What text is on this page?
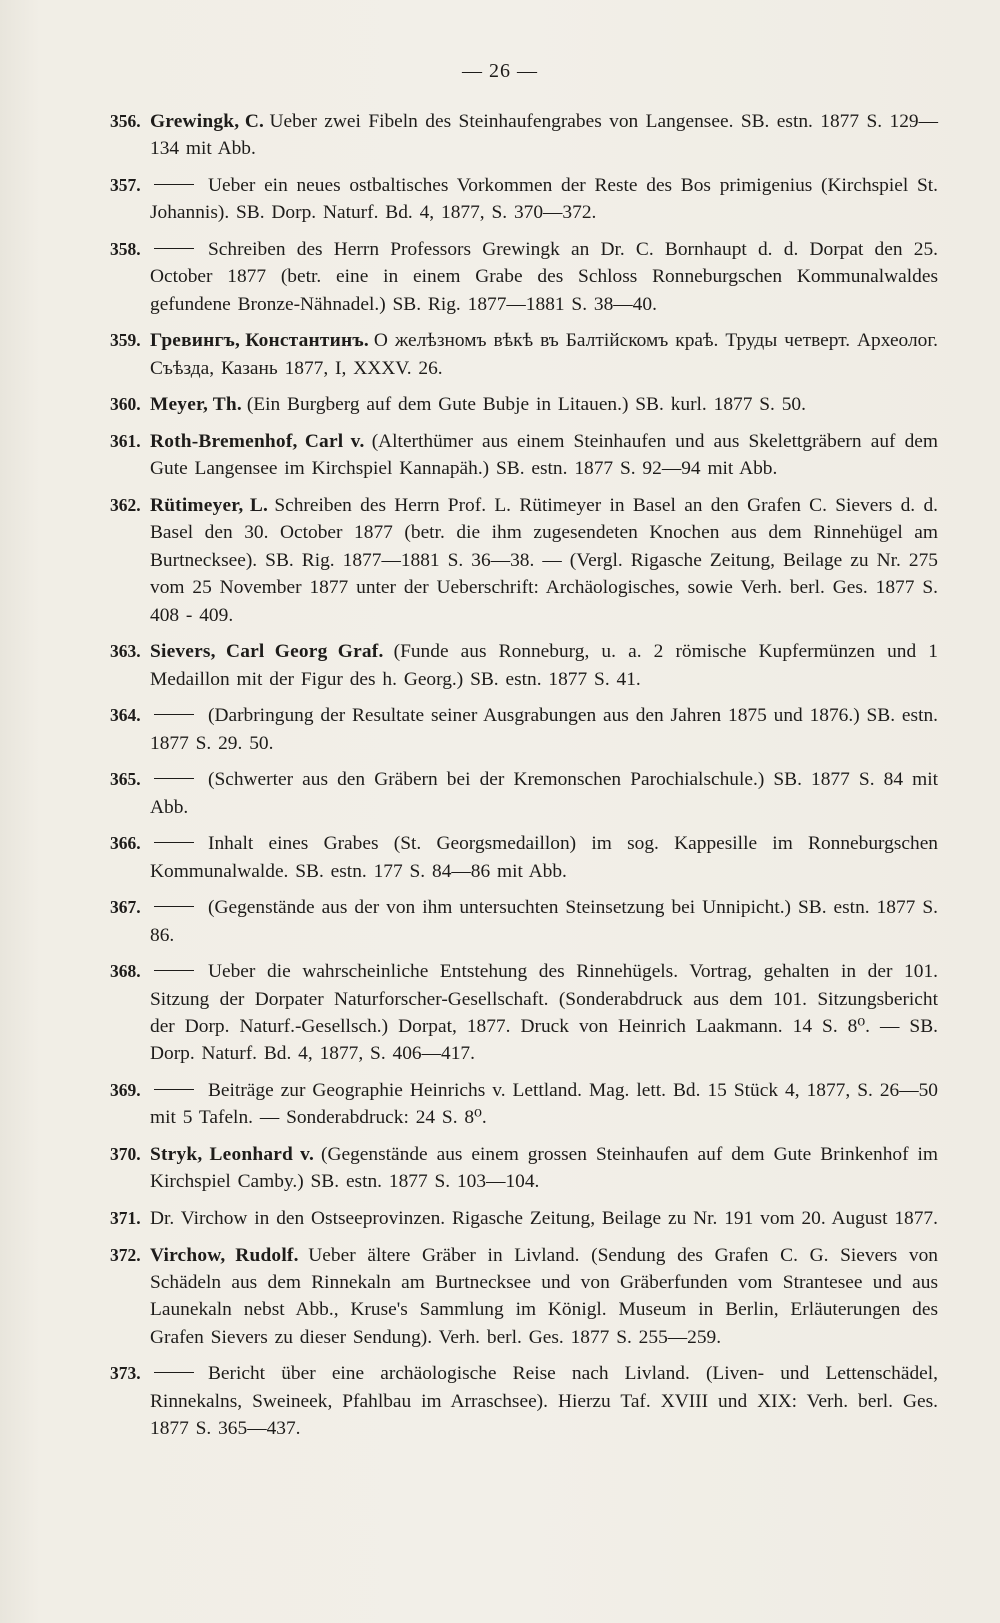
— 26 —
356. Grewingk, C. Ueber zwei Fibeln des Steinhaufengrabes von Langensee. SB. estn. 1877 S. 129—134 mit Abb.
357.	Ueber ein neues ostbaltisches Vorkommen der Reste des Bos primigenius (Kirchspiel St. Johannis). SB. Dorp. Naturf. Bd. 4, 1877, S. 370—372.
358.	Schreiben des Herrn Professors Grewingk an Dr. C. Bornhaupt d. d. Dorpat den 25. October 1877 (betr. eine in einem Grabe des Schloss Ronneburgschen Kommunalwaldes gefundene Bronze-Nähnadel.) SB. Rig. 1877—1881 S. 38—40.
359. Гревингъ, Константинъ. О желѣзномъ вѣкѣ въ Балтійскомъ краѣ. Труды четверт. Археолог. Съѣзда, Казань 1877, I, XXXV. 26.
360. Meyer, Th. (Ein Burgberg auf dem Gute Bubje in Litauen.) SB. kurl. 1877 S. 50.
361. Roth-Bremenhof, Carl v. (Alterthümer aus einem Steinhaufen und aus Skelettgräbern auf dem Gute Langensee im Kirchspiel Kannapäh.) SB. estn. 1877 S. 92—94 mit Abb.
362. Rütimeyer, L. Schreiben des Herrn Prof. L. Rütimeyer in Basel an den Grafen C. Sievers d. d. Basel den 30. October 1877 (betr. die ihm zugesendeten Knochen aus dem Rinnehügel am Burtnecksee). SB. Rig. 1877—1881 S. 36—38. — (Vergl. Rigasche Zeitung, Beilage zu Nr. 275 vom 25 November 1877 unter der Ueberschrift: Archäologisches, sowie Verh. berl. Ges. 1877 S. 408 - 409.
363. Sievers, Carl Georg Graf. (Funde aus Ronneburg, u. a. 2 römische Kupfermünzen und 1 Medaillon mit der Figur des h. Georg.) SB. estn. 1877 S. 41.
364.	(Darbringung der Resultate seiner Ausgrabungen aus den Jahren 1875 und 1876.) SB. estn. 1877 S. 29. 50.
365.	(Schwerter aus den Gräbern bei der Kremonschen Parochialschule.) SB. 1877 S. 84 mit Abb.
366.	Inhalt eines Grabes (St. Georgsmedaillon) im sog. Kappesille im Ronneburgschen Kommunalwalde. SB. estn. 177 S. 84—86 mit Abb.
367.	(Gegenstände aus der von ihm untersuchten Steinsetzung bei Unnipicht.) SB. estn. 1877 S. 86.
368.	Ueber die wahrscheinliche Entstehung des Rinnehügels. Vortrag, gehalten in der 101. Sitzung der Dorpater Naturforscher-Gesellschaft. (Sonderabdruck aus dem 101. Sitzungsbericht der Dorp. Naturf.-Gesellsch.) Dorpat, 1877. Druck von Heinrich Laakmann. 14 S. 8⁰. — SB. Dorp. Naturf. Bd. 4, 1877, S. 406—417.
369.	Beiträge zur Geographie Heinrichs v. Lettland. Mag. lett. Bd. 15 Stück 4, 1877, S. 26—50 mit 5 Tafeln. — Sonderabdruck: 24 S. 8⁰.
370. Stryk, Leonhard v. (Gegenstände aus einem grossen Steinhaufen auf dem Gute Brinkenhof im Kirchspiel Camby.) SB. estn. 1877 S. 103—104.
371. Dr. Virchow in den Ostseeprovinzen. Rigasche Zeitung, Beilage zu Nr. 191 vom 20. August 1877.
372. Virchow, Rudolf. Ueber ältere Gräber in Livland. (Sendung des Grafen C. G. Sievers von Schädeln aus dem Rinnekaln am Burtnecksee und von Gräberfunden vom Strantesee und aus Launekaln nebst Abb., Kruse's Sammlung im Königl. Museum in Berlin, Erläuterungen des Grafen Sievers zu dieser Sendung). Verh. berl. Ges. 1877 S. 255—259.
373.	Bericht über eine archäologische Reise nach Livland. (Liven- und Lettenschädel, Rinnekalns, Sweineek, Pfahlbau im Arraschsee). Hierzu Taf. XVIII und XIX: Verh. berl. Ges. 1877 S. 365—437.
